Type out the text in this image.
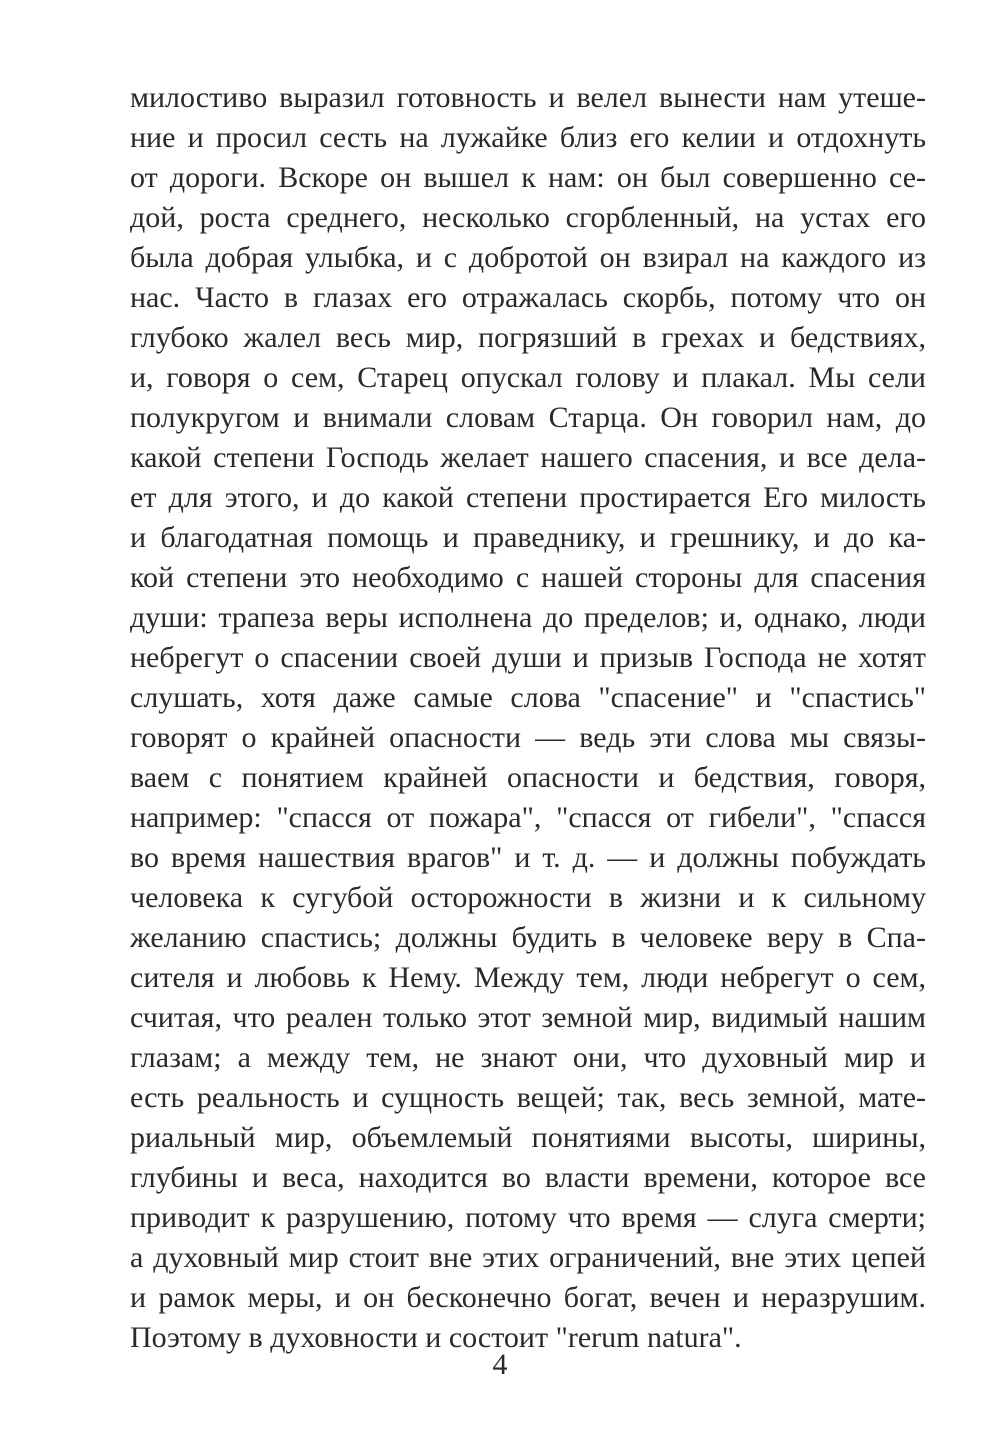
милостиво выразил готовность и велел вынести нам утеше-
ние и просил сесть на лужайке близ его келии и отдохнуть
от дороги. Вскоре он вышел к нам: он был совершенно се-
дой, роста среднего, несколько сгорбленный, на устах его
была добрая улыбка, и с добротой он взирал на каждого из
нас. Часто в глазах его отражалась скорбь, потому что он
глубоко жалел весь мир, погрязший в грехах и бедствиях,
и, говоря о сем, Старец опускал голову и плакал. Мы сели
полукругом и внимали словам Старца. Он говорил нам, до
какой степени Господь желает нашего спасения, и все дела-
ет для этого, и до какой степени простирается Его милость
и благодатная помощь и праведнику, и грешнику, и до ка-
кой степени это необходимо с нашей стороны для спасения
души: трапеза веры исполнена до пределов; и, однако, люди
небрегут о спасении своей души и призыв Господа не хотят
слушать, хотя даже самые слова "спасение" и "спастись"
говорят о крайней опасности — ведь эти слова мы связы-
ваем с понятием крайней опасности и бедствия, говоря,
например: "спасся от пожара", "спасся от гибели", "спасся
во время нашествия врагов" и т. д. — и должны побуждать
человека к сугубой осторожности в жизни и к сильному
желанию спастись; должны будить в человеке веру в Спа-
сителя и любовь к Нему. Между тем, люди небрегут о сем,
считая, что реален только этот земной мир, видимый нашим
глазам; а между тем, не знают они, что духовный мир и
есть реальность и сущность вещей; так, весь земной, мате-
риальный мир, объемлемый понятиями высоты, ширины,
глубины и веса, находится во власти времени, которое все
приводит к разрушению, потому что время — слуга смерти;
а духовный мир стоит вне этих ограничений, вне этих цепей
и рамок меры, и он бесконечно богат, вечен и неразрушим.
Поэтому в духовности и состоит "rerum natura".
4
